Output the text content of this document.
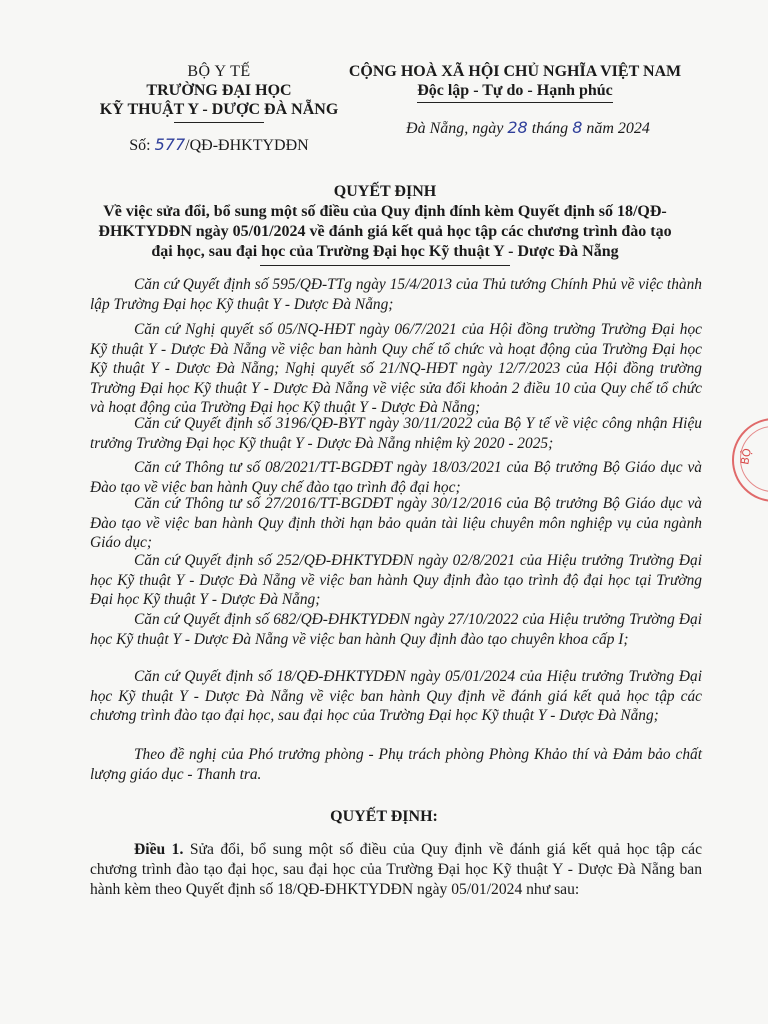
BỘ Y TẾ
TRƯỜNG ĐẠI HỌC
KỸ THUẬT Y - DƯỢC ĐÀ NẴNG
Số: 577/QĐ-ĐHKTYDĐN
CỘNG HOÀ XÃ HỘI CHỦ NGHĨA VIỆT NAM
Độc lập - Tự do - Hạnh phúc
Đà Nẵng, ngày 28 tháng 8 năm 2024
QUYẾT ĐỊNH
Về việc sửa đổi, bổ sung một số điều của Quy định đính kèm Quyết định số 18/QĐ-
ĐHKTYDĐN ngày 05/01/2024 về đánh giá kết quả học tập các chương trình đào tạo
đại học, sau đại học của Trường Đại học Kỹ thuật Y - Dược Đà Nẵng
Căn cứ Quyết định số 595/QĐ-TTg ngày 15/4/2013 của Thủ tướng Chính Phủ về việc thành lập Trường Đại học Kỹ thuật Y - Dược Đà Nẵng;
Căn cứ Nghị quyết số 05/NQ-HĐT ngày 06/7/2021 của Hội đồng trường Trường Đại học Kỹ thuật Y - Dược Đà Nẵng về việc ban hành Quy chế tổ chức và hoạt động của Trường Đại học Kỹ thuật Y - Dược Đà Nẵng; Nghị quyết số 21/NQ-HĐT ngày 12/7/2023 của Hội đồng trường Trường Đại học Kỹ thuật Y - Dược Đà Nẵng về việc sửa đổi khoản 2 điều 10 của Quy chế tổ chức và hoạt động của Trường Đại học Kỹ thuật Y - Dược Đà Nẵng;
Căn cứ Quyết định số 3196/QĐ-BYT ngày 30/11/2022 của Bộ Y tế về việc công nhận Hiệu trưởng Trường Đại học Kỹ thuật Y - Dược Đà Nẵng nhiệm kỳ 2020 - 2025;
Căn cứ Thông tư số 08/2021/TT-BGDĐT ngày 18/03/2021 của Bộ trưởng Bộ Giáo dục và Đào tạo về việc ban hành Quy chế đào tạo trình độ đại học;
Căn cứ Thông tư số 27/2016/TT-BGDĐT ngày 30/12/2016 của Bộ trưởng Bộ Giáo dục và Đào tạo về việc ban hành Quy định thời hạn bảo quản tài liệu chuyên môn nghiệp vụ của ngành Giáo dục;
Căn cứ Quyết định số 252/QĐ-ĐHKTYDĐN ngày 02/8/2021 của Hiệu trưởng Trường Đại học Kỹ thuật Y - Dược Đà Nẵng về việc ban hành Quy định đào tạo trình độ đại học tại Trường Đại học Kỹ thuật Y - Dược Đà Nẵng;
Căn cứ Quyết định số 682/QĐ-ĐHKTYDĐN ngày 27/10/2022 của Hiệu trưởng Trường Đại học Kỹ thuật Y - Dược Đà Nẵng về việc ban hành Quy định đào tạo chuyên khoa cấp I;
Căn cứ Quyết định số 18/QĐ-ĐHKTYDĐN ngày 05/01/2024 của Hiệu trưởng Trường Đại học Kỹ thuật Y - Dược Đà Nẵng về việc ban hành Quy định về đánh giá kết quả học tập các chương trình đào tạo đại học, sau đại học của Trường Đại học Kỹ thuật Y - Dược Đà Nẵng;
Theo đề nghị của Phó trưởng phòng - Phụ trách phòng Phòng Khảo thí và Đảm bảo chất lượng giáo dục - Thanh tra.
QUYẾT ĐỊNH:
Điều 1. Sửa đổi, bổ sung một số điều của Quy định về đánh giá kết quả học tập các chương trình đào tạo đại học, sau đại học của Trường Đại học Kỹ thuật Y - Dược Đà Nẵng ban hành kèm theo Quyết định số 18/QĐ-ĐHKTYDĐN ngày 05/01/2024 như sau:
BỘ
